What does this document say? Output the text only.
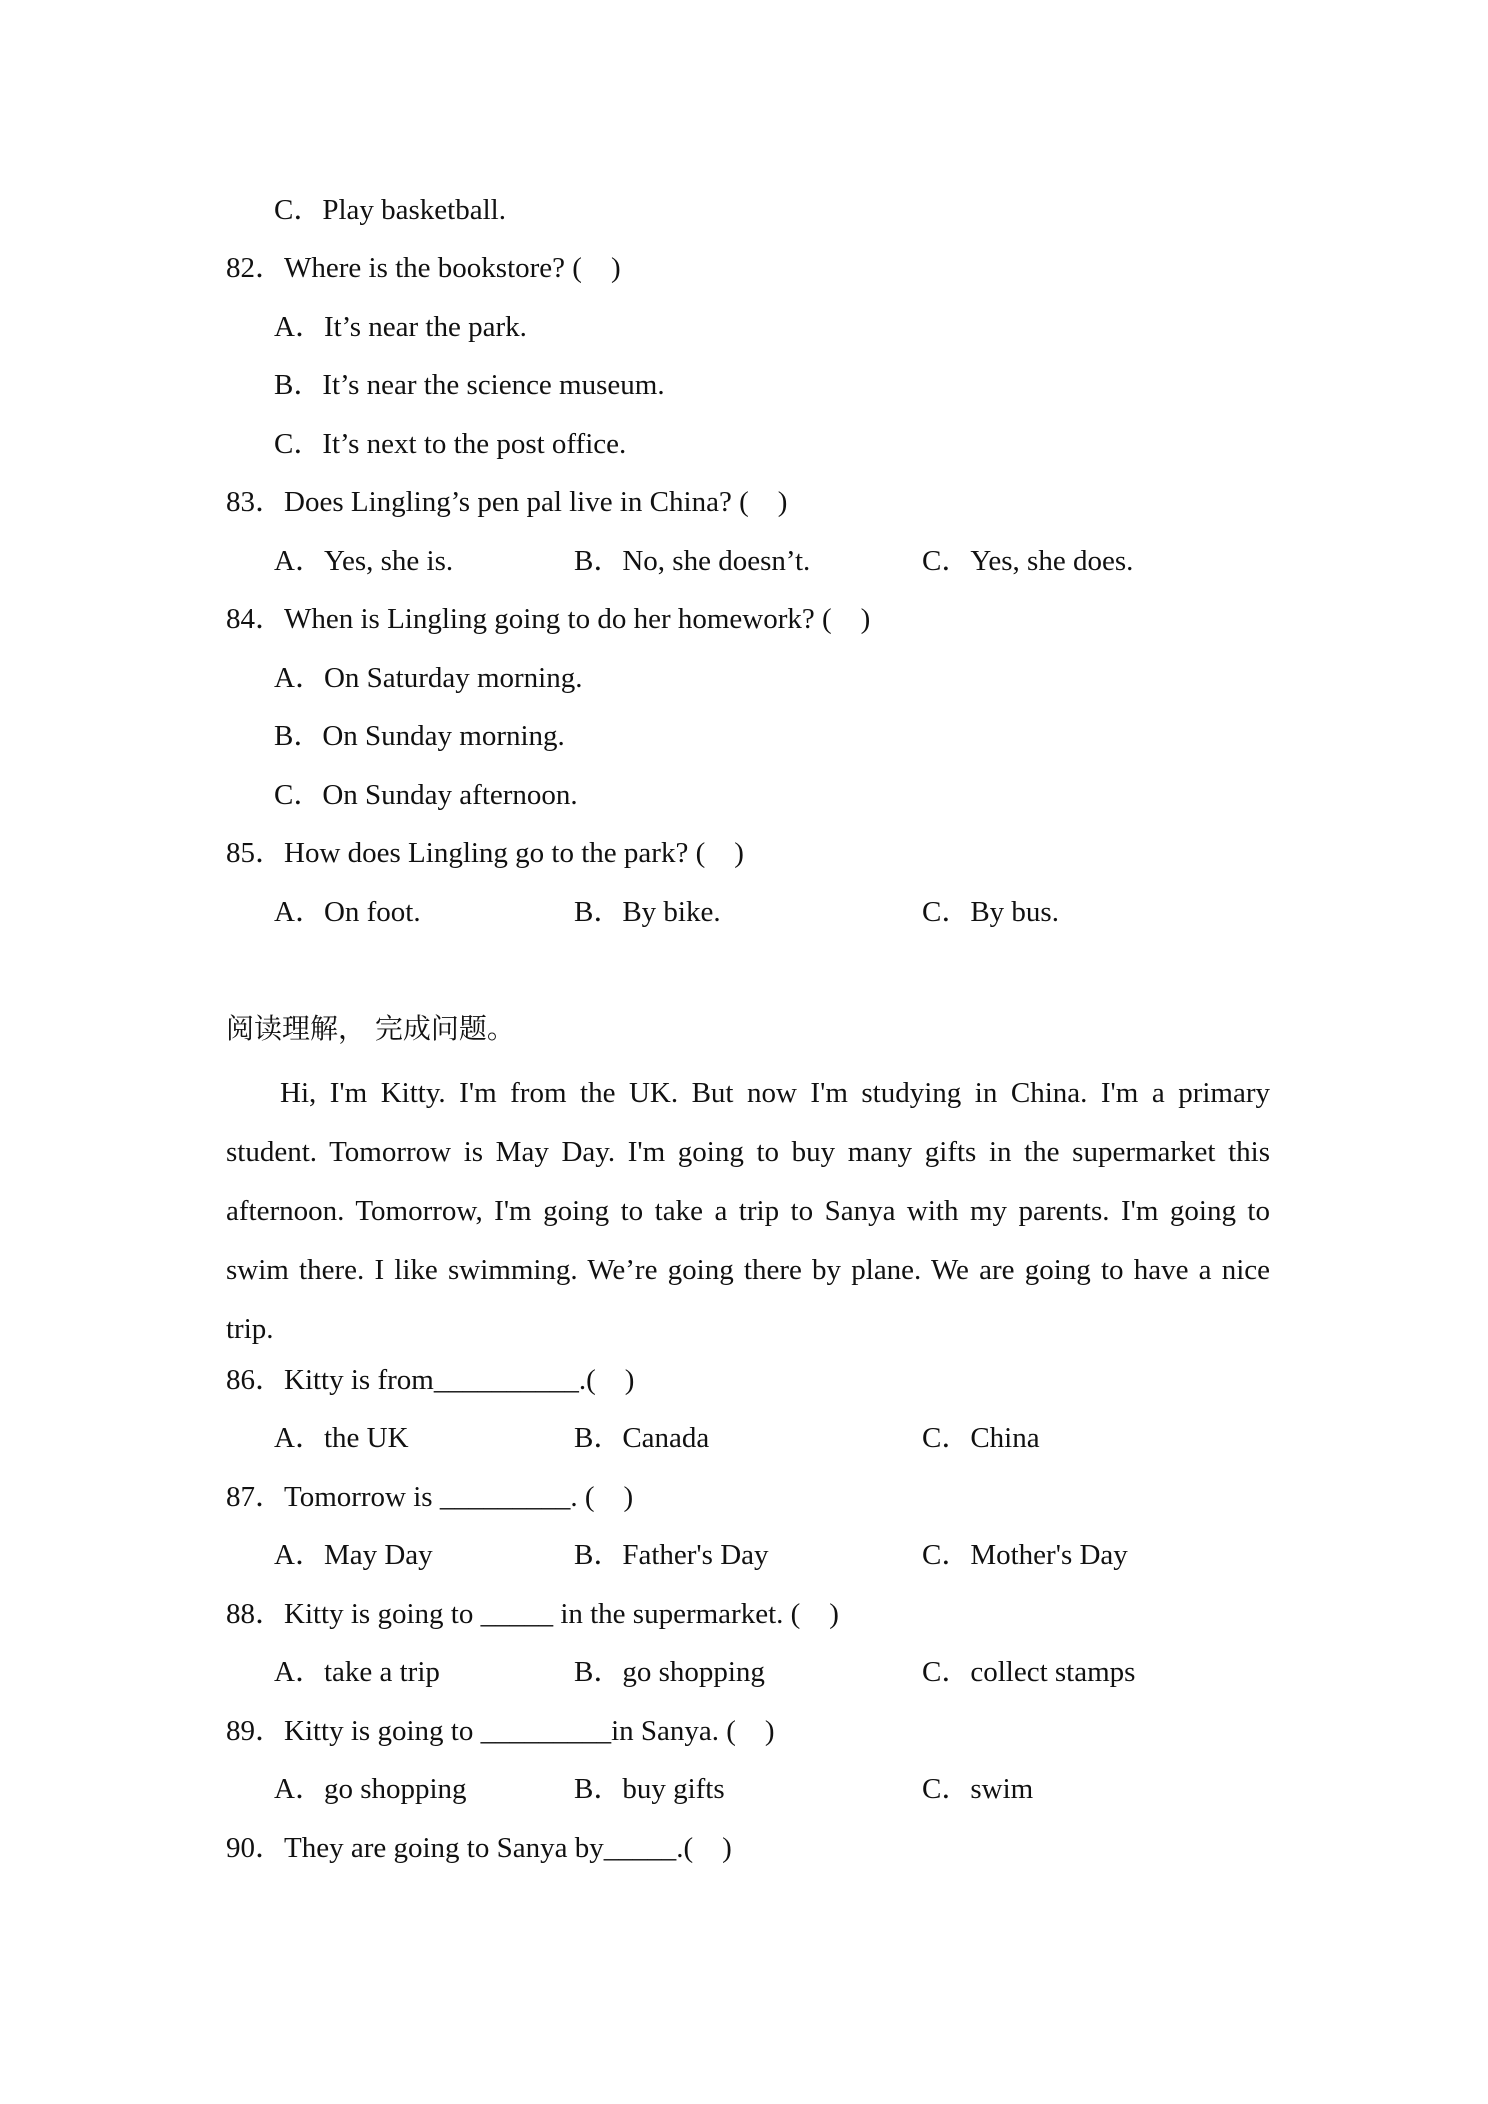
C．Play basketball.
82．Where is the bookstore? (    )
A．It’s near the park.
B．It’s near the science museum.
C．It’s next to the post office.
83．Does Lingling’s pen pal live in China? (    )
A．Yes, she is.	B．No, she doesn’t.	C．Yes, she does.
84．When is Lingling going to do her homework? (    )
A．On Saturday morning.
B．On Sunday morning.
C．On Sunday afternoon.
85．How does Lingling go to the park? (    )
A．On foot.	B．By bike.	C．By bus.
阅读理解， 完成问题。
Hi, I'm Kitty. I'm from the UK. But now I'm studying in China. I'm a primary student. Tomorrow is May Day. I'm going to buy many gifts in the supermarket this afternoon. Tomorrow, I'm going to take a trip to Sanya with my parents. I'm going to swim there. I like swimming. We’re going there by plane. We are going to have a nice trip.
86．Kitty is from__________.(    )
A．the UK	B．Canada	C．China
87．Tomorrow is _________. (    )
A．May Day	B．Father's Day	C．Mother's Day
88．Kitty is going to _____ in the supermarket. (    )
A．take a trip	B．go shopping	C．collect stamps
89．Kitty is going to _________in Sanya. (    )
A．go shopping	B．buy gifts	C．swim
90．They are going to Sanya by_____.(    )
